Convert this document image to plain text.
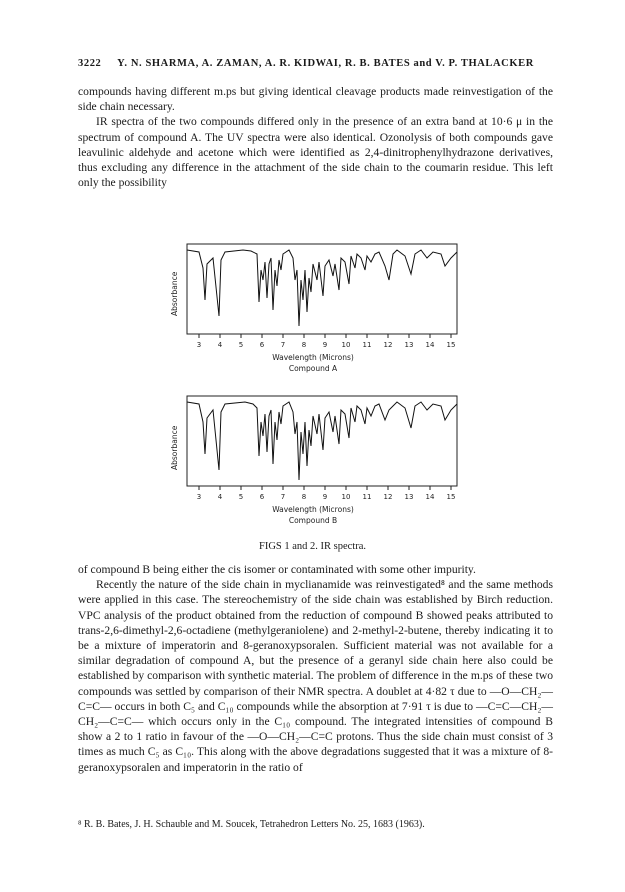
3222 Y. N. SHARMA, A. ZAMAN, A. R. KIDWAI, R. B. BATES and V. P. THALACKER

compounds having different m.ps but giving identical cleavage products made reinvestigation of the side chain necessary.

IR spectra of the two compounds differed only in the presence of an extra band at 10·6 μ in the spectrum of compound A. The UV spectra were also identical. Ozonolysis of both compounds gave leavulinic aldehyde and acetone which were identified as 2,4-dinitrophenylhydrazone derivatives, thus excluding any difference in the attachment of the side chain to the coumarin residue. This left only the possibility

3 4 5 6 7 8 9 10 11 12 13 14 15
Absorbance
Wavelength (Microns)
Compound A
3 4 5 6 7 8 9 10 11 12 13 14 15
Absorbance
Wavelength (Microns)
Compound B
FIGS 1 and 2. IR spectra.

of compound B being either the cis isomer or contaminated with some other impurity.

Recently the nature of the side chain in myclianamide was reinvestigated⁸ and the same methods were applied in this case. The stereochemistry of the side chain was established by Birch reduction. VPC analysis of the product obtained from the reduction of compound B showed peaks attributed to trans-2,6-dimethyl-2,6-octadiene (methylgeraniolene) and 2-methyl-2-butene, thereby indicating it to be a mixture of imperatorin and 8-geranoxypsoralen. Sufficient material was not available for a similar degradation of compound A, but the presence of a geranyl side chain here also could be established by comparison with synthetic material. The problem of difference in the m.ps of these two compounds was settled by comparison of their NMR spectra. A doublet at 4·82 τ due to —O—CH₂—C=C— occurs in both C₅ and C₁₀ compounds while the absorption at 7·91 τ is due to —C=C—CH₂—CH₂—C=C— which occurs only in the C₁₀ compound. The integrated intensities of compound B show a 2 to 1 ratio in favour of the —O—CH₂—C=C protons. Thus the side chain must consist of 3 times as much C₅ as C₁₀. This along with the above degradations suggested that it was a mixture of 8-geranoxypsoralen and imperatorin in the ratio of

⁸ R. B. Bates, J. H. Schauble and M. Soucek, Tetrahedron Letters No. 25, 1683 (1963).
